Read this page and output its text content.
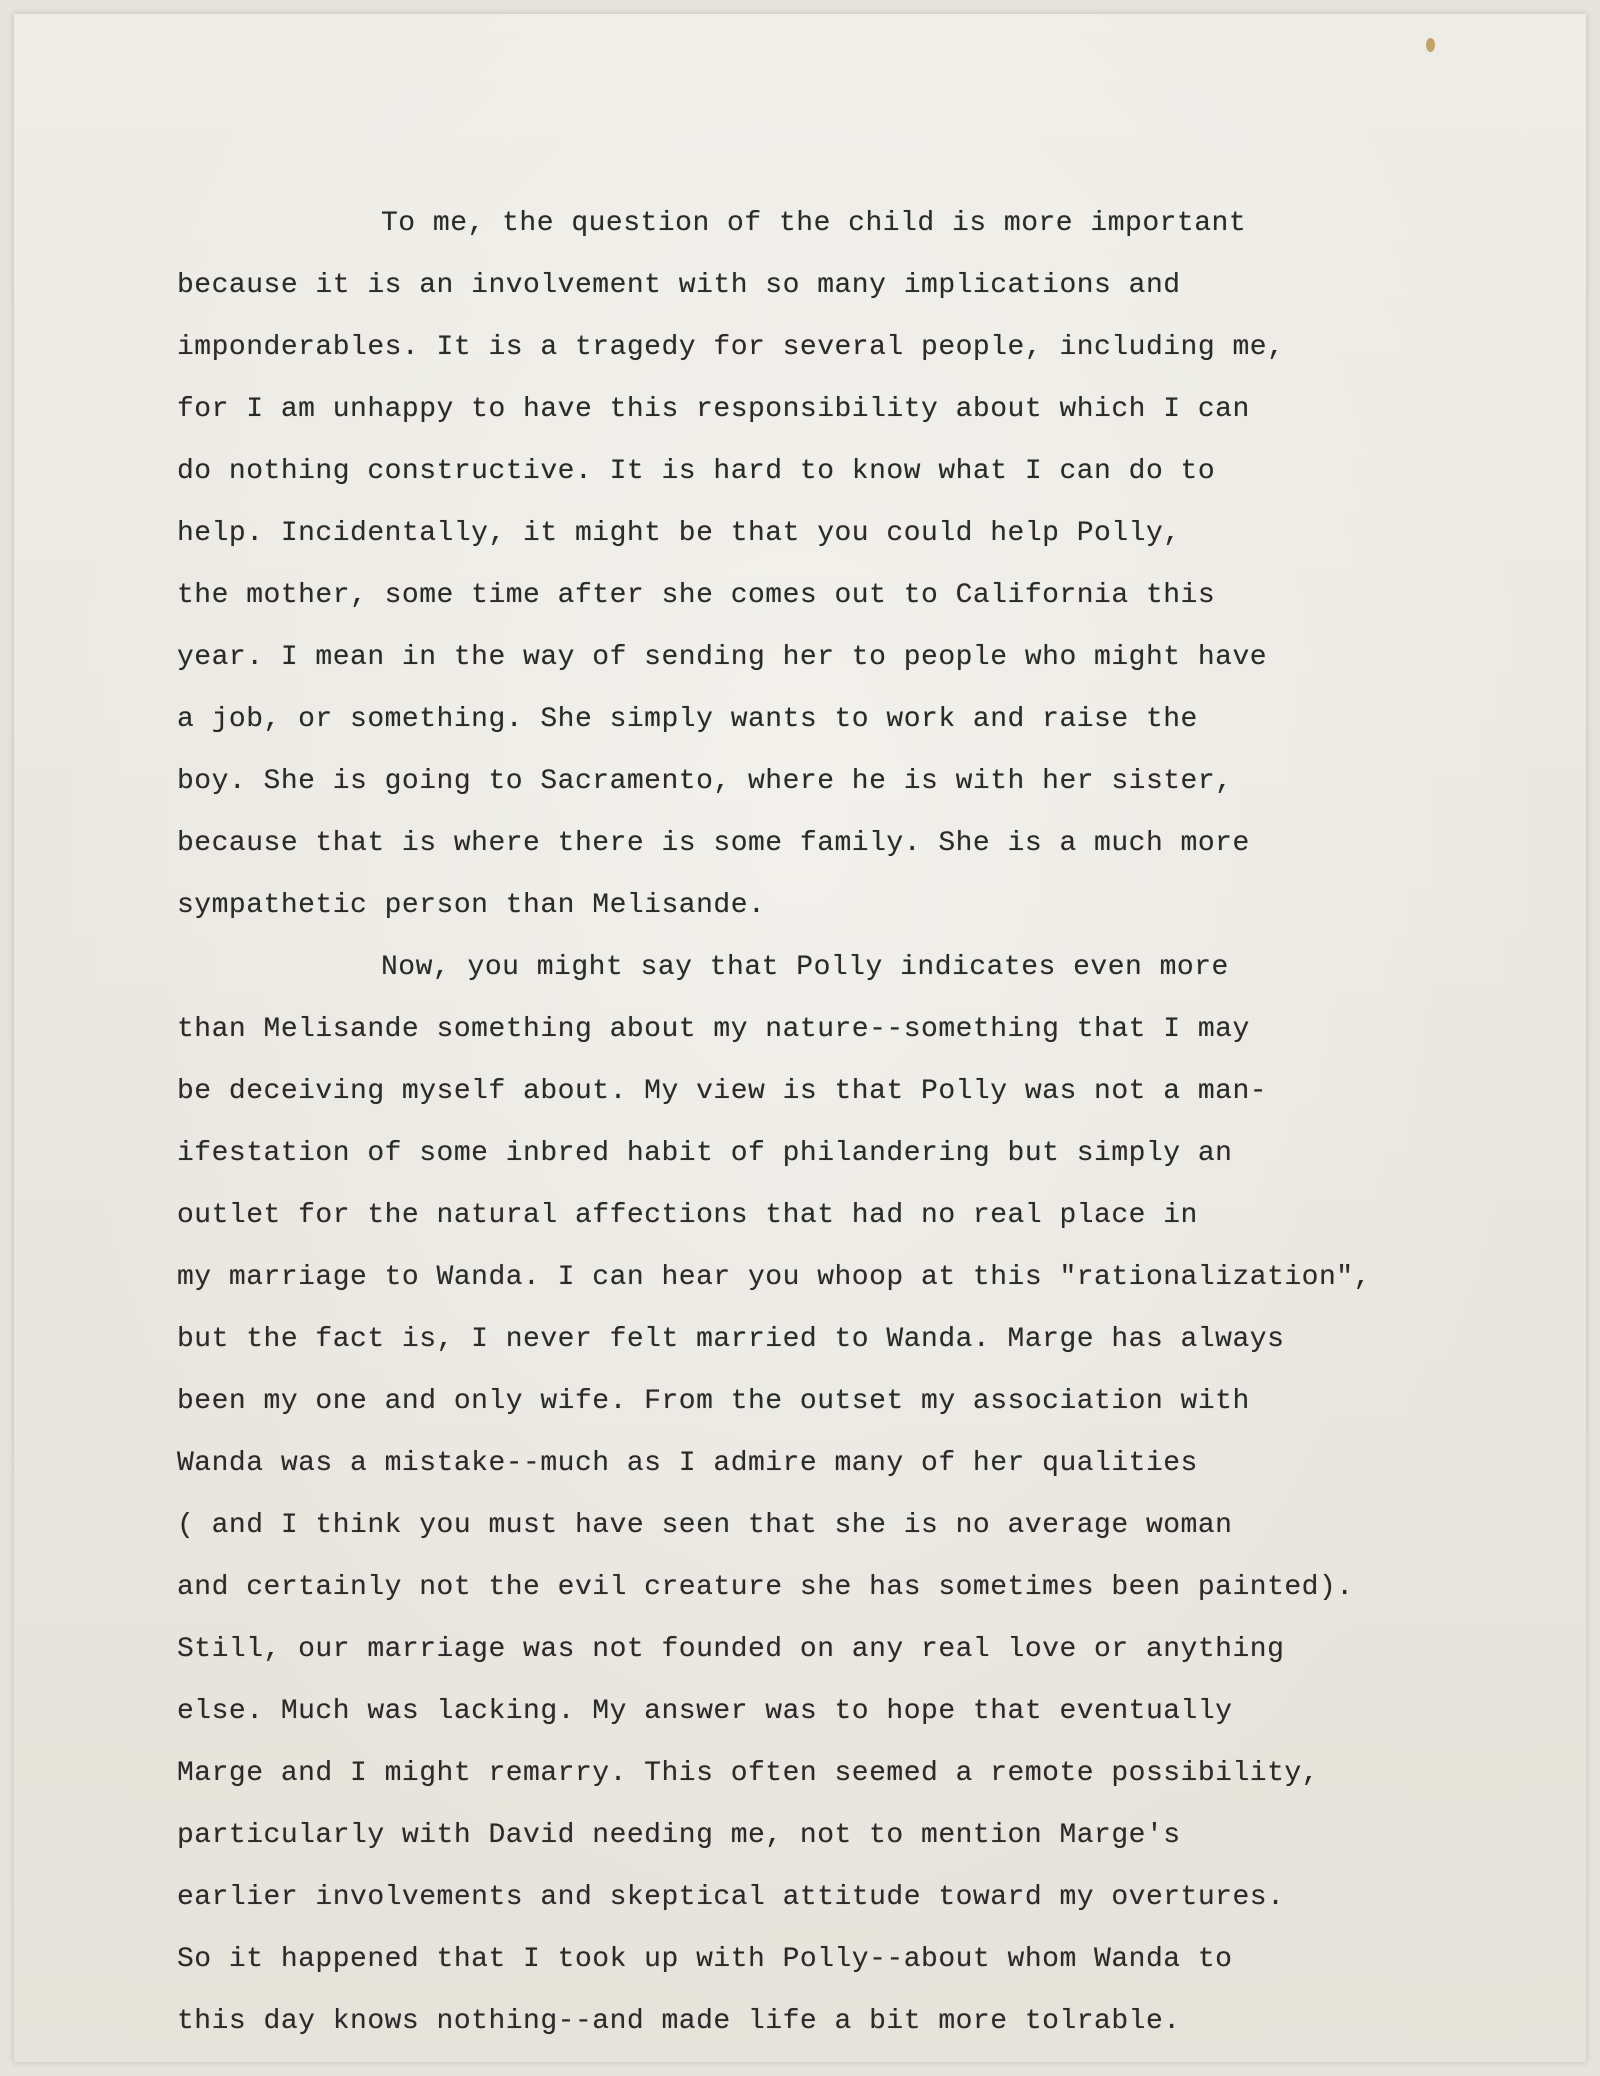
To me, the question of the child is more important
because it is an involvement with so many implications and
imponderables. It is a tragedy for several people, including me,
for I am unhappy to have this responsibility about which I can
do nothing constructive. It is hard to know what I can do to
help. Incidentally, it might be that you could help Polly,
the mother, some time after she comes out to California this
year. I mean in the way of sending her to people who might have
a job, or something. She simply wants to work and raise the
boy. She is going to Sacramento, where he is with her sister,
because that is where there is some family. She is a much more
sympathetic person than Melisande.
Now, you might say that Polly indicates even more
than Melisande something about my nature--something that I may
be deceiving myself about. My view is that Polly was not a man-
ifestation of some inbred habit of philandering but simply an
outlet for the natural affections that had no real place in
my marriage to Wanda. I can hear you whoop at this "rationalization",
but the fact is, I never felt married to Wanda. Marge has always
been my one and only wife. From the outset my association with
Wanda was a mistake--much as I admire many of her qualities
( and I think you must have seen that she is no average woman
and certainly not the evil creature she has sometimes been painted).
Still, our marriage was not founded on any real love or anything
else. Much was lacking. My answer was to hope that eventually
Marge and I might remarry. This often seemed a remote possibility,
particularly with David needing me, not to mention Marge's
earlier involvements and skeptical attitude toward my overtures.
So it happened that I took up with Polly--about whom Wanda to
this day knows nothing--and made life a bit more tolrable.
